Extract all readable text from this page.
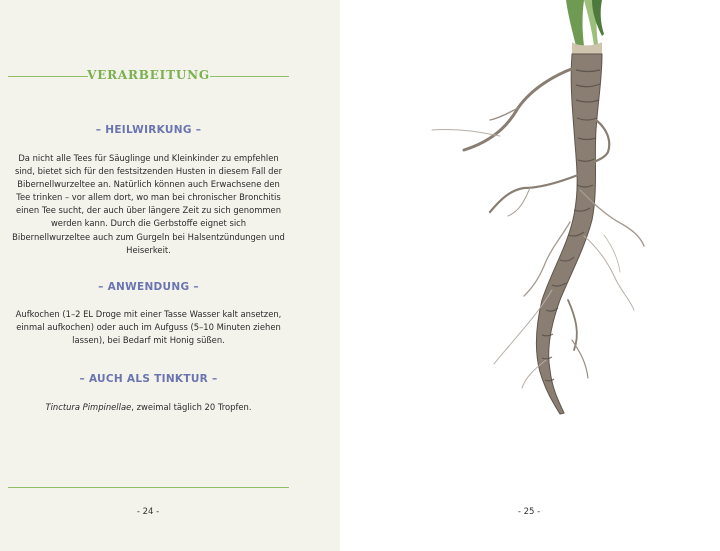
VERARBEITUNG
– HEILWIRKUNG –
Da nicht alle Tees für Säuglinge und Kleinkinder zu empfehlen sind, bietet sich für den festsitzenden Husten in diesem Fall der Bibernellwurzeltee an. Natürlich können auch Erwachsene den Tee trinken – vor allem dort, wo man bei chronischer Bronchitis einen Tee sucht, der auch über längere Zeit zu sich genommen werden kann. Durch die Gerbstoffe eignet sich Bibernellwurzeltee auch zum Gurgeln bei Halsentzündungen und Heiserkeit.
– ANWENDUNG –
Aufkochen (1–2 EL Droge mit einer Tasse Wasser kalt ansetzen, einmal aufkochen) oder auch im Aufguss (5–10 Minuten ziehen lassen), bei Bedarf mit Honig süßen.
– AUCH ALS TINKTUR –
Tinctura Pimpinellae, zweimal täglich 20 Tropfen.
- 24 -	- 25 -
